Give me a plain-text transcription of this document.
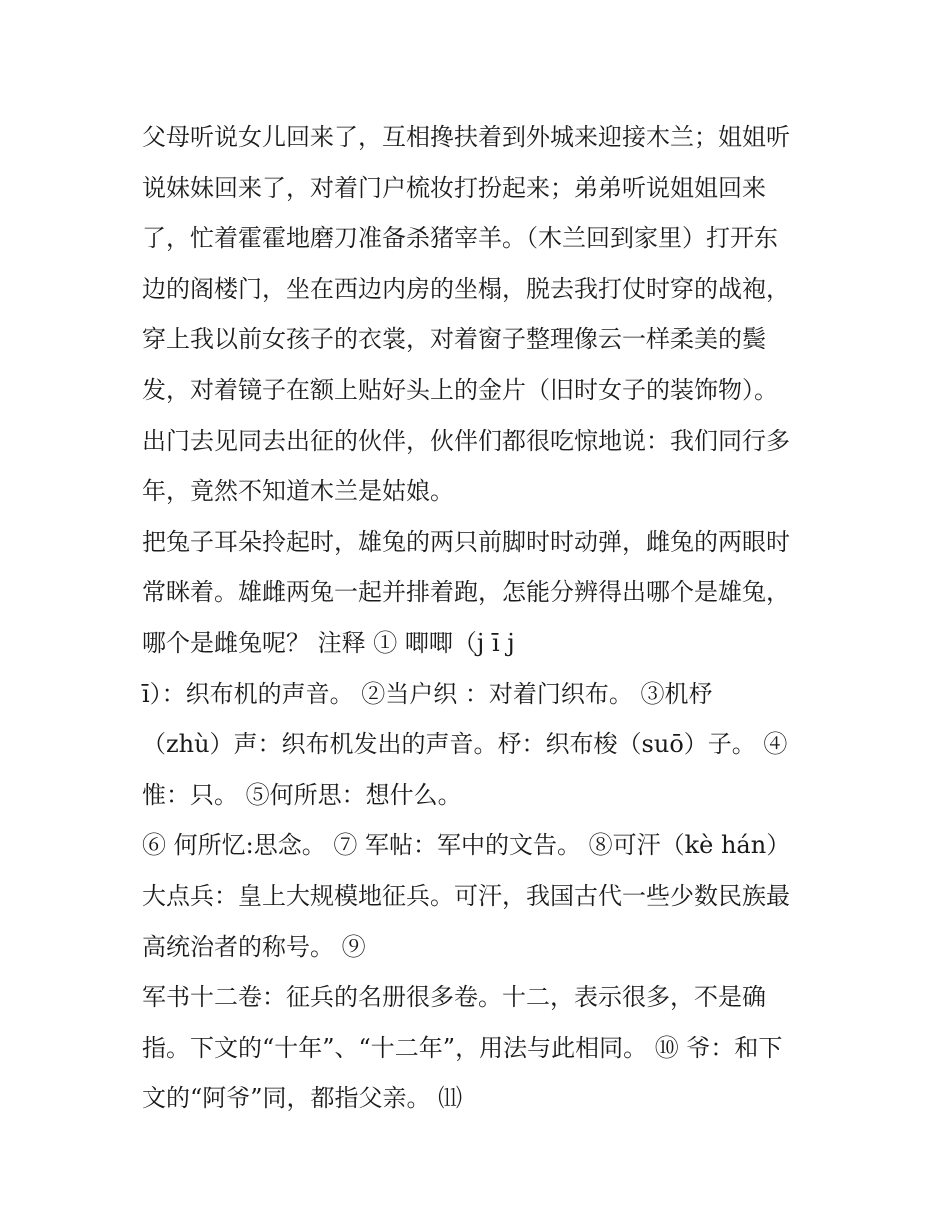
父母听说女儿回来了，互相搀扶着到外城来迎接木兰；姐姐听
说妹妹回来了，对着门户梳妆打扮起来；弟弟听说姐姐回来
了，忙着霍霍地磨刀准备杀猪宰羊。（木兰回到家里）打开东
边的阁楼门，坐在西边内房的坐榻，脱去我打仗时穿的战袍，
穿上我以前女孩子的衣裳，对着窗子整理像云一样柔美的鬓
发，对着镜子在额上贴好头上的金片（旧时女子的装饰物）。
出门去见同去出征的伙伴，伙伴们都很吃惊地说：我们同行多
年，竟然不知道木兰是姑娘。
把兔子耳朵拎起时，雄兔的两只前脚时时动弹，雌兔的两眼时
常眯着。雄雌两兔一起并排着跑，怎能分辨得出哪个是雄兔，
哪个是雌兔呢？ 注释 ① 唧唧（j ī j
ī）：织布机的声音。 ②当户织 ：对着门织布。 ③机杼
（zhù）声：织布机发出的声音。杼：织布梭（suō）子。 ④
惟：只。 ⑤何所思：想什么。
⑥ 何所忆:思念。 ⑦ 军帖：军中的文告。 ⑧可汗（kè hán）
大点兵：皇上大规模地征兵。可汗，我国古代一些少数民族最
高统治者的称号。 ⑨
军书十二卷：征兵的名册很多卷。十二，表示很多，不是确
指。下文的“十年”、“十二年”，用法与此相同。 ⑩ 爷：和下
文的“阿爷”同，都指父亲。 ⑾
